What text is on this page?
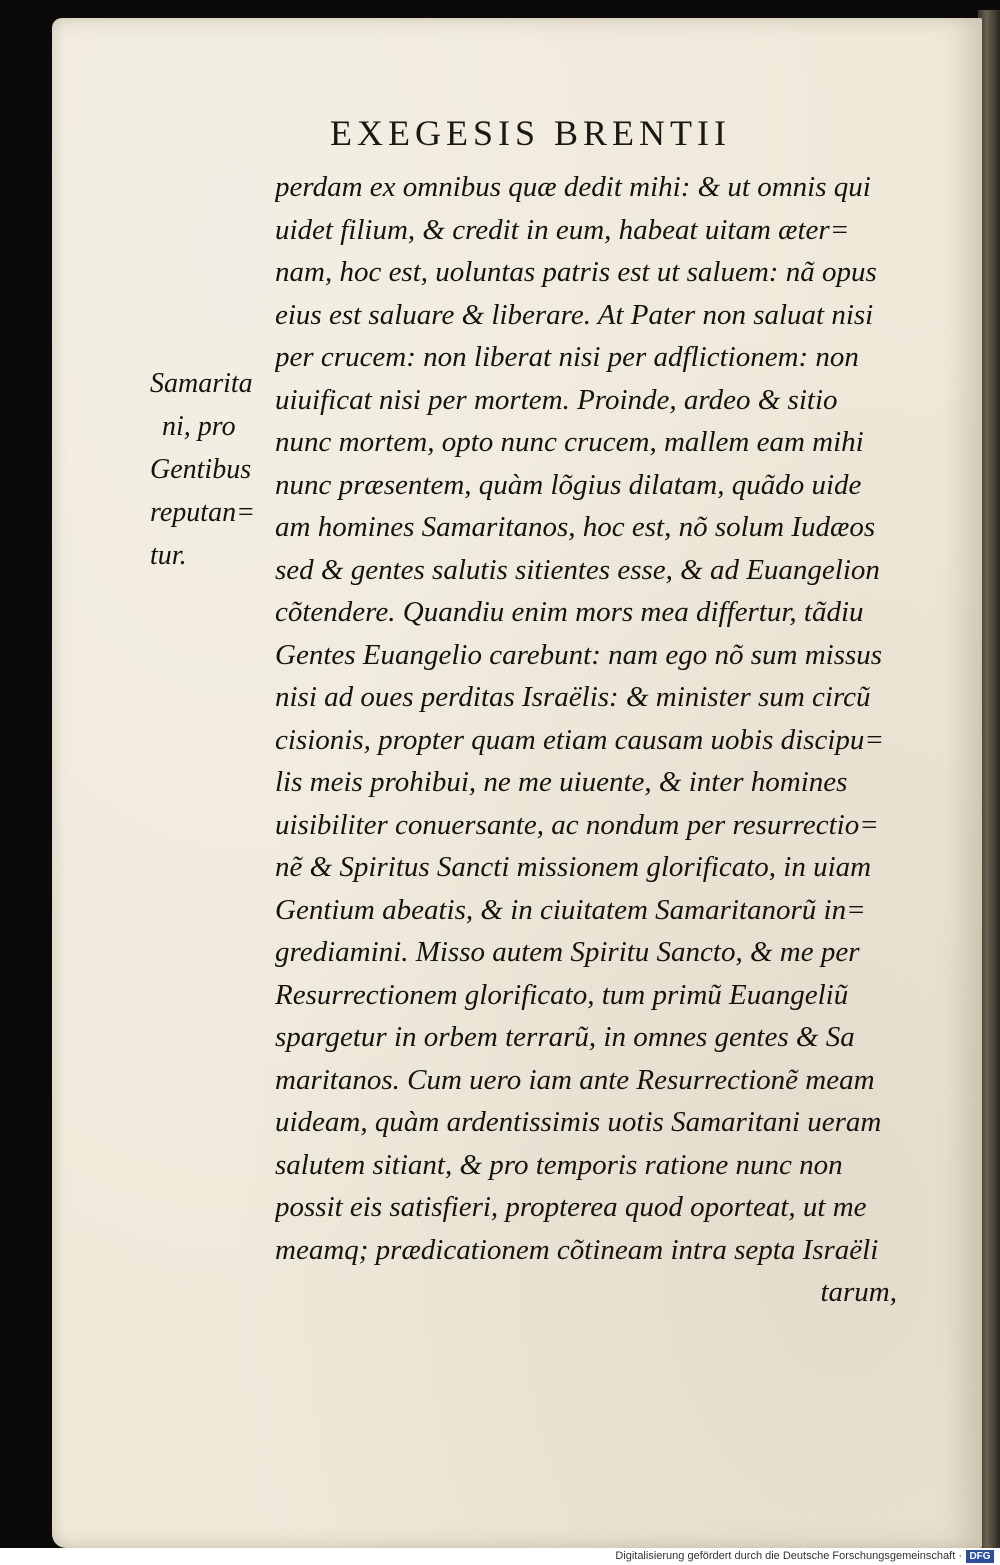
EXEGESIS BRENTII
Samarita
ni, pro
Gentibus
reputan=
tur.
perdam ex omnibus quæ dedit mihi: & ut omnis qui
uidet filium, & credit in eum, habeat uitam æter=
nam, hoc est, uoluntas patris est ut saluem: nã opus
eius est saluare & liberare. At Pater non saluat nisi
per crucem: non liberat nisi per adflictionem: non
uiuificat nisi per mortem. Proinde, ardeo & sitio
nunc mortem, opto nunc crucem, mallem eam mihi
nunc præsentem, quàm lõgius dilatam, quãdo uide
am homines Samaritanos, hoc est, nõ solum Iudæos
sed & gentes salutis sitientes esse, & ad Euangelion
cõtendere. Quandiu enim mors mea differtur, tãdiu
Gentes Euangelio carebunt: nam ego nõ sum missus
nisi ad oues perditas Israëlis: & minister sum circũ
cisionis, propter quam etiam causam uobis discipu=
lis meis prohibui, ne me uiuente, & inter homines
uisibiliter conuersante, ac nondum per resurrectio=
nẽ & Spiritus Sancti missionem glorificato, in uiam
Gentium abeatis, & in ciuitatem Samaritanorũ in=
grediamini. Misso autem Spiritu Sancto, & me per
Resurrectionem glorificato, tum primũ Euangeliũ
spargetur in orbem terrarũ, in omnes gentes & Sa
maritanos. Cum uero iam ante Resurrectionẽ meam
uideam, quàm ardentissimis uotis Samaritani ueram
salutem sitiant, & pro temporis ratione nunc non
possit eis satisfieri, propterea quod oporteat, ut me
meamq; prædicationem cõtineam intra septa Israëli
tarum,
Digitalisierung gefördert durch die Deutsche Forschungsgemeinschaft · DFG
